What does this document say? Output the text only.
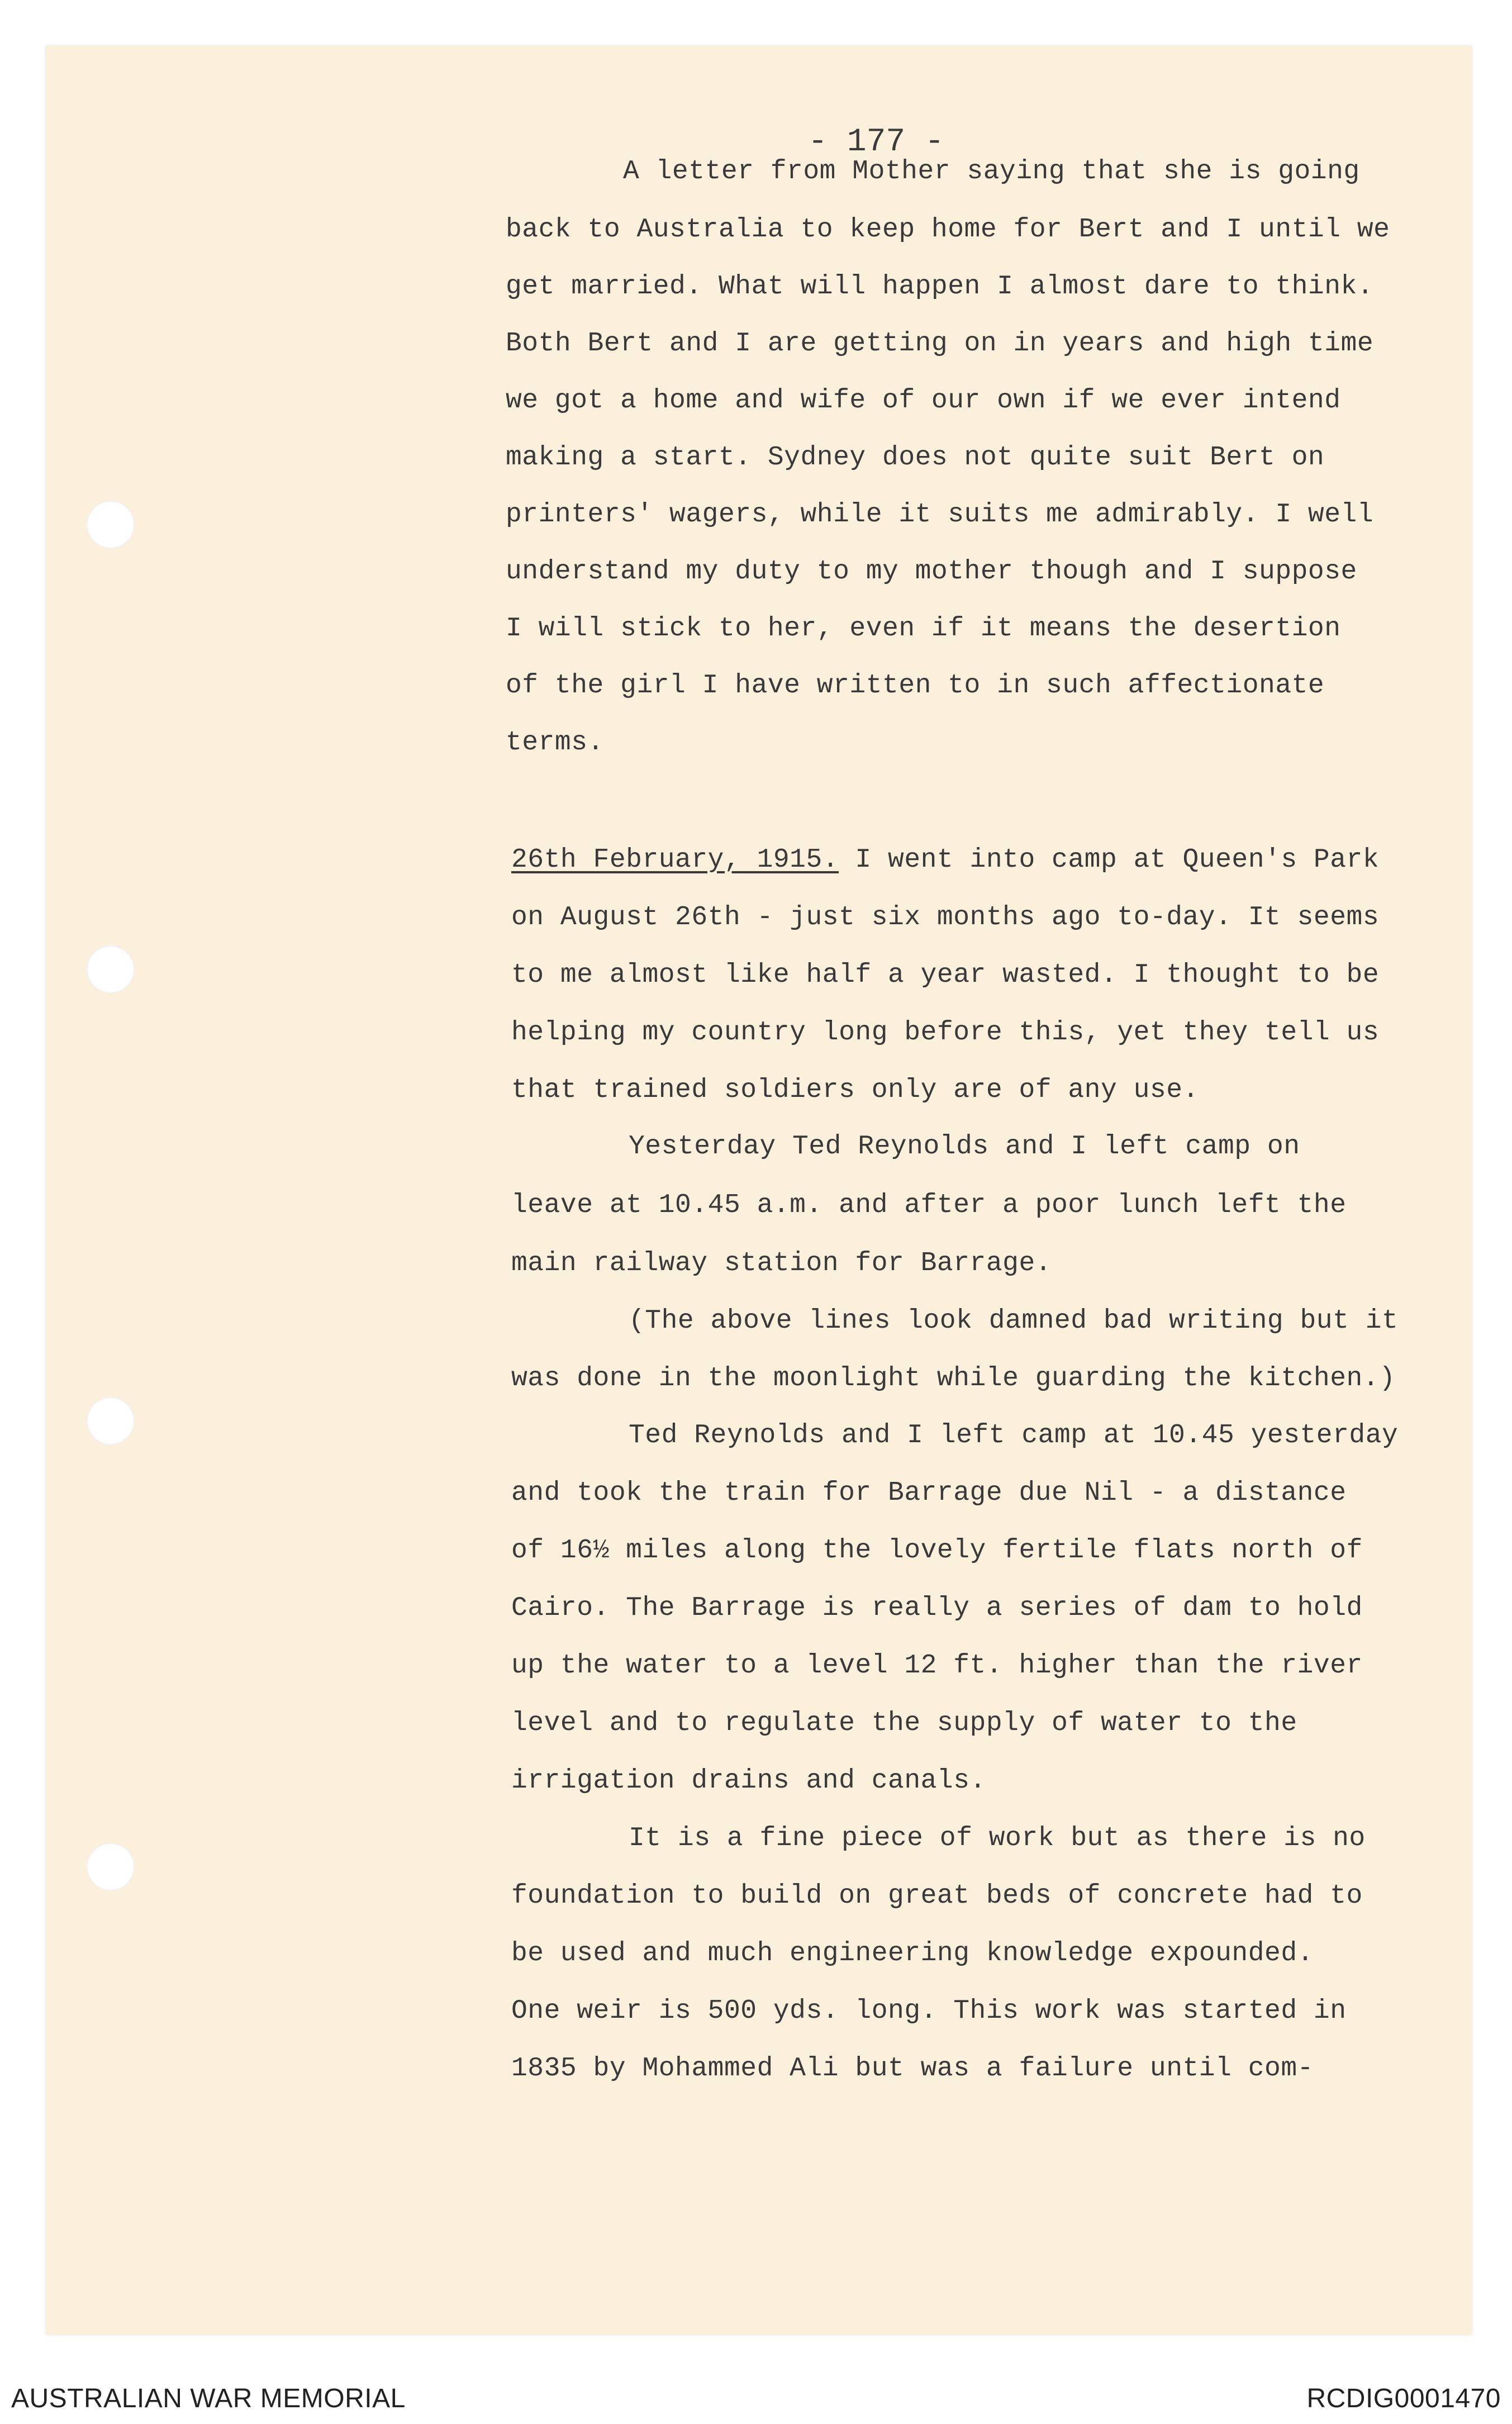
- 177 -
A letter from Mother saying that she is going
back to Australia to keep home for Bert and I until we
get married. What will happen I almost dare to think.
Both Bert and I are getting on in years and high time
we got a home and wife of our own if we ever intend
making a start. Sydney does not quite suit Bert on
printers' wagers, while it suits me admirably. I well
understand my duty to my mother though and I suppose
I will stick to her, even if it means the desertion
of the girl I have written to in such affectionate
terms.
26th February, 1915. I went into camp at Queen's Park
on August 26th - just six months ago to-day. It seems
to me almost like half a year wasted. I thought to be
helping my country long before this, yet they tell us
that trained soldiers only are of any use.
Yesterday Ted Reynolds and I left camp on
leave at 10.45 a.m. and after a poor lunch left the
main railway station for Barrage.
(The above lines look damned bad writing but it
was done in the moonlight while guarding the kitchen.)
Ted Reynolds and I left camp at 10.45 yesterday
and took the train for Barrage due Nil - a distance
of 16½ miles along the lovely fertile flats north of
Cairo. The Barrage is really a series of dam to hold
up the water to a level 12 ft. higher than the river
level and to regulate the supply of water to the
irrigation drains and canals.
It is a fine piece of work but as there is no
foundation to build on great beds of concrete had to
be used and much engineering knowledge expounded.
One weir is 500 yds. long. This work was started in
1835 by Mohammed Ali but was a failure until com-
AUSTRALIAN WAR MEMORIAL	RCDIG0001470
